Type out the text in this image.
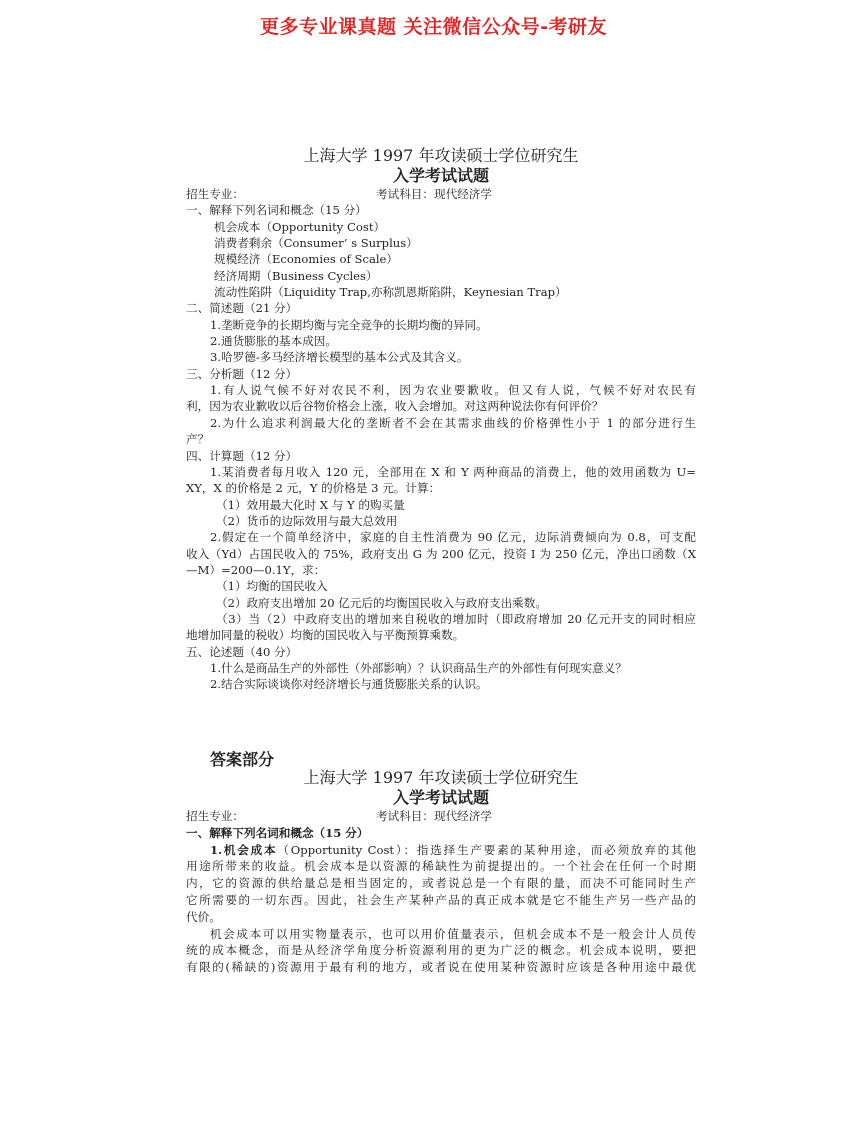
更多专业课真题 关注微信公众号-考研友
上海大学 1997 年攻读硕士学位研究生
入学考试试题
招生专业：	考试科目：现代经济学
一、解释下列名词和概念（15 分）
机会成本（Opportunity Cost）
消费者剩余（Consumer’ s Surplus）
规模经济（Economies of Scale）
经济周期（Business Cycles）
流动性陷阱（Liquidity Trap,亦称凯恩斯陷阱，Keynesian Trap）
二、简述题（21 分）
1.垄断竞争的长期均衡与完全竞争的长期均衡的异同。
2.通货膨胀的基本成因。
3.哈罗德-多马经济增长模型的基本公式及其含义。
三、分析题（12 分）
1.有人说气候不好对农民不利，因为农业要歉收。但又有人说，气候不好对农民有
利，因为农业歉收以后谷物价格会上涨，收入会增加。对这两种说法你有何评价？
2.为什么追求利润最大化的垄断者不会在其需求曲线的价格弹性小于 1 的部分进行生
产？
四、计算题（12 分）
1.某消费者每月收入 120 元，全部用在 X 和 Y 两种商品的消费上，他的效用函数为 U=
XY，X 的价格是 2 元，Y 的价格是 3 元。计算：
（1）效用最大化时 X 与 Y 的购买量
（2）货币的边际效用与最大总效用
2.假定在一个简单经济中，家庭的自主性消费为 90 亿元，边际消费倾向为 0.8，可支配
收入（Yd）占国民收入的 75%，政府支出 G 为 200 亿元，投资 I 为 250 亿元，净出口函数（X
—M）=200—0.1Y，求：
（1）均衡的国民收入
（2）政府支出增加 20 亿元后的均衡国民收入与政府支出乘数。
（3）当（2）中政府支出的增加来自税收的增加时（即政府增加 20 亿元开支的同时相应
地增加同量的税收）均衡的国民收入与平衡预算乘数。
五、论述题（40 分）
1.什么是商品生产的外部性（外部影响）？认识商品生产的外部性有何现实意义？
2.结合实际谈谈你对经济增长与通货膨胀关系的认识。
答案部分
上海大学 1997 年攻读硕士学位研究生
入学考试试题
招生专业：	考试科目：现代经济学
一、解释下列名词和概念（15 分）
1.机会成本（Opportunity Cost）：指选择生产要素的某种用途，而必须放弃的其他
用途所带来的收益。机会成本是以资源的稀缺性为前提提出的。一个社会在任何一个时期
内，它的资源的供给量总是相当固定的，或者说总是一个有限的量，而决不可能同时生产
它所需要的一切东西。因此，社会生产某种产品的真正成本就是它不能生产另一些产品的
代价。
机会成本可以用实物量表示，也可以用价值量表示，但机会成本不是一般会计人员传
统的成本概念，而是从经济学角度分析资源利用的更为广泛的概念。机会成本说明，要把
有限的(稀缺的)资源用于最有利的地方，或者说在使用某种资源时应该是各种用途中最优
